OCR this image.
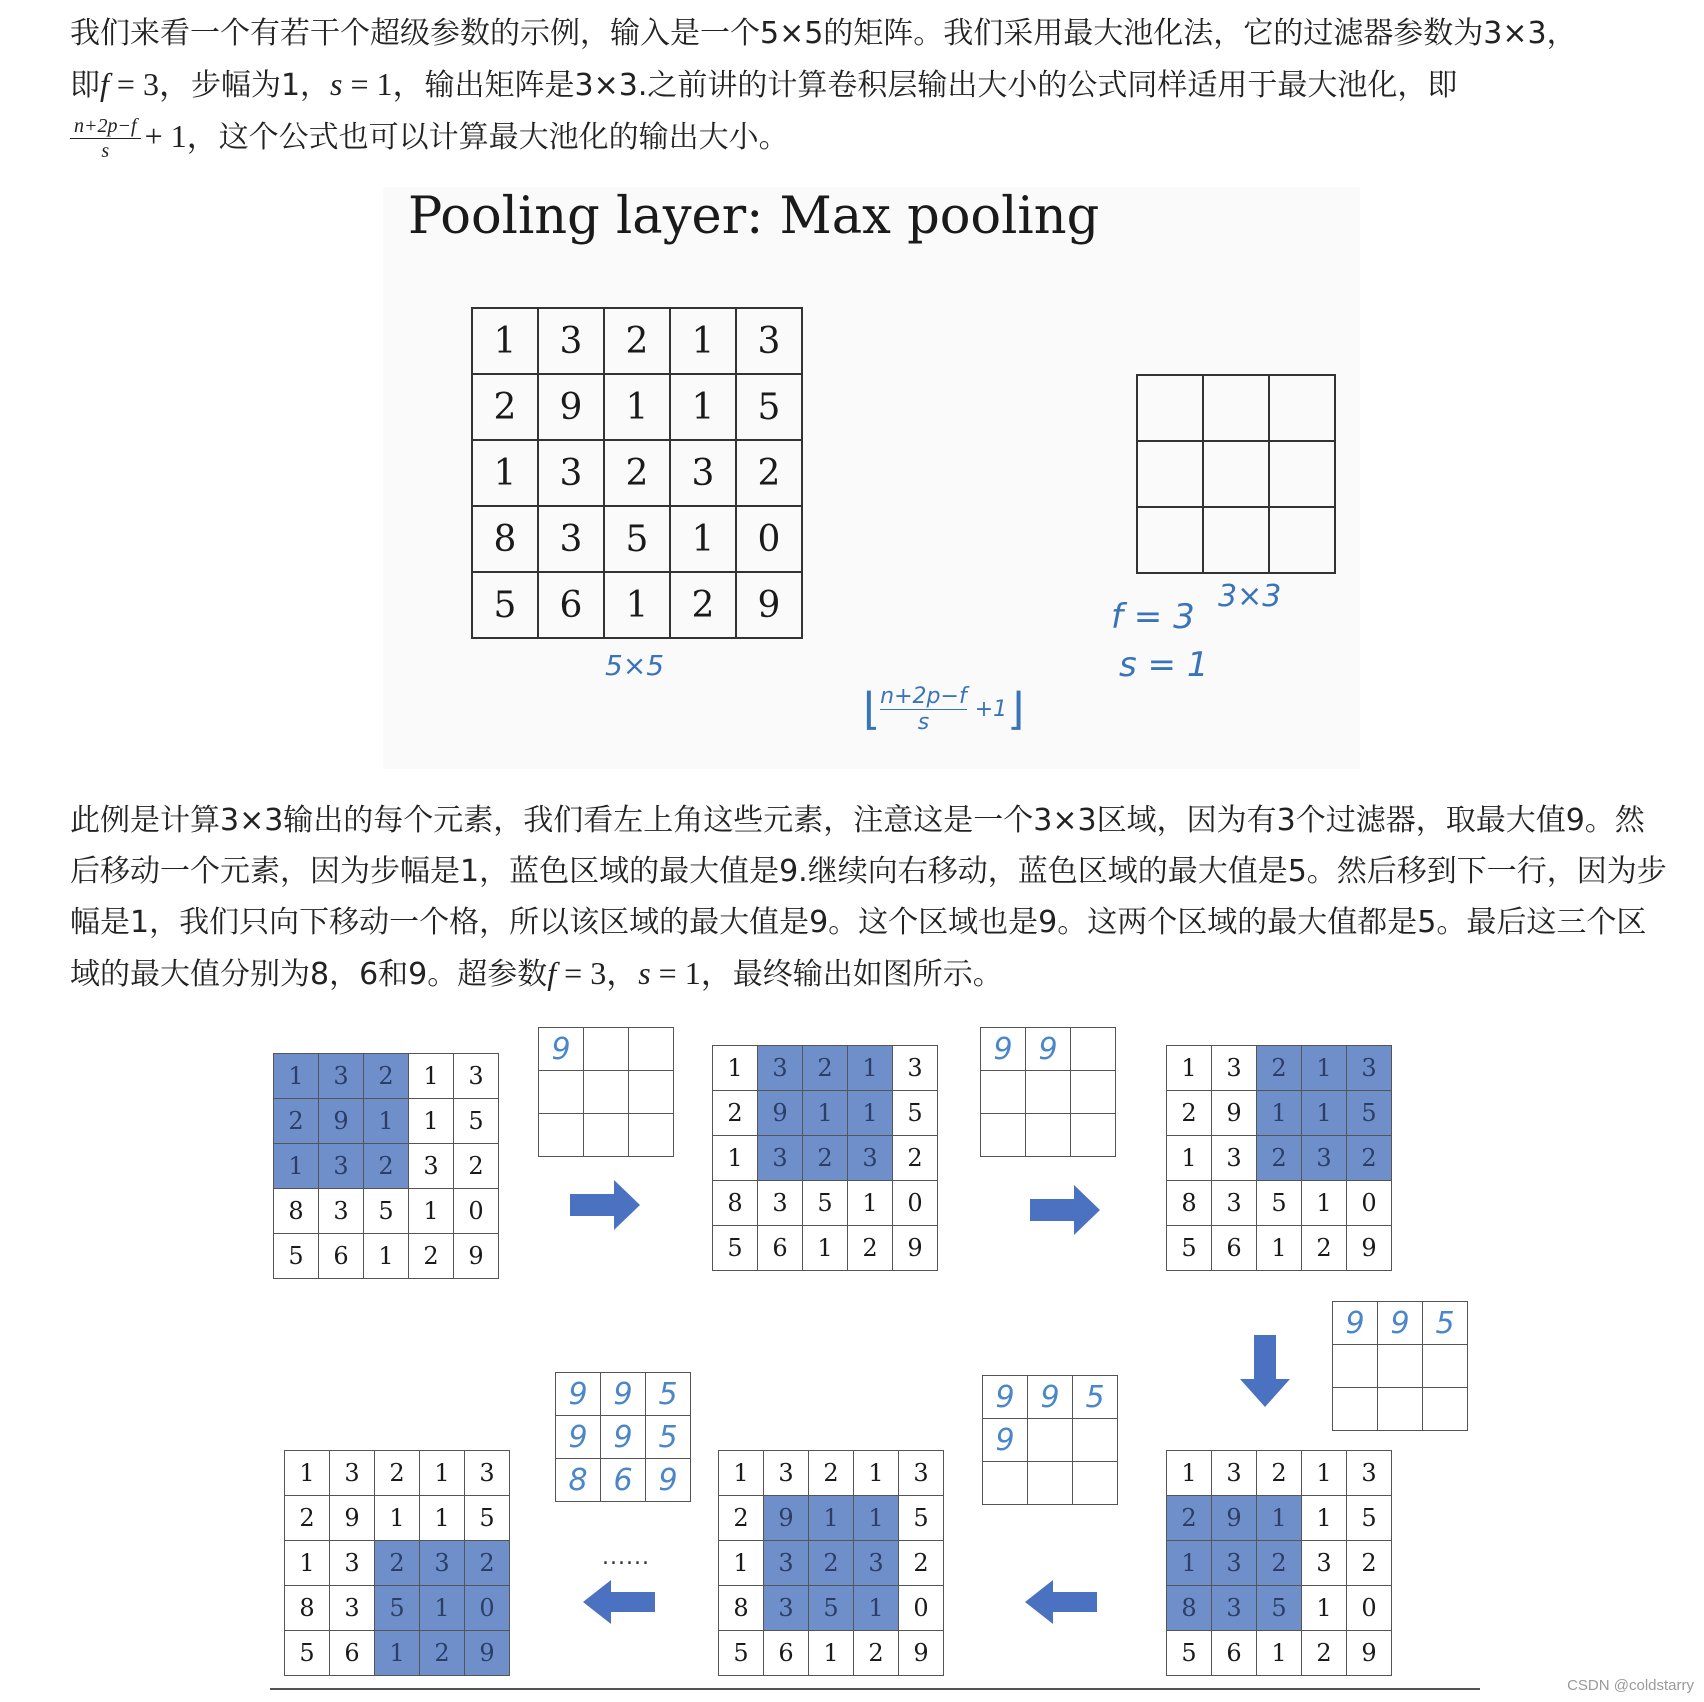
我们来看一个有若干个超级参数的示例，输入是一个5×5的矩阵。我们采用最大池化法，它的过滤器参数为3×3，
即f = 3，步幅为1，s = 1，输出矩阵是3×3.之前讲的计算卷积层输出大小的公式同样适用于最大池化，即
$\frac{n+2p-f}{s} + 1$，这个公式也可以计算最大池化的输出大小。
Pooling layer: Max pooling
1	3	2	1	3
2	9	1	1	5
1	3	2	3	2
8	3	5	1	0
5	6	1	2	9
5×5

3×3
f = 3
s = 1
⌊ $\frac{n+2p-f}{s}$ +1⌋
此例是计算3×3输出的每个元素，我们看左上角这些元素，注意这是一个3×3区域，因为有3个过滤器，取最大值9。然后移动一个元素，因为步幅是1，蓝色区域的最大值是9.继续向右移动，蓝色区域的最大值是5。然后移到下一行，因为步幅是1，我们只向下移动一个格，所以该区域的最大值是9。这个区域也是9。这两个区域的最大值都是5。最后这三个区域的最大值分别为8，6和9。超参数f = 3，s = 1，最终输出如图所示。
1	3	2	1	3
2	9	1	1	5
1	3	2	3	2
8	3	5	1	0
5	6	1	2	9
9		

1	3	2	1	3
2	9	1	1	5
1	3	2	3	2
8	3	5	1	0
5	6	1	2	9
9	9	

1	3	2	1	3
2	9	1	1	5
1	3	2	3	2
8	3	5	1	0
5	6	1	2	9
9	9	5

1	3	2	1	3
2	9	1	1	5
1	3	2	3	2
8	3	5	1	0
5	6	1	2	9
9	9	5
9		

1	3	2	1	3
2	9	1	1	5
1	3	2	3	2
8	3	5	1	0
5	6	1	2	9
9	9	5
9	9	5
8	6	9
1	3	2	1	3
2	9	1	1	5
1	3	2	3	2
8	3	5	1	0
5	6	1	2	9
......
CSDN @coldstarry
